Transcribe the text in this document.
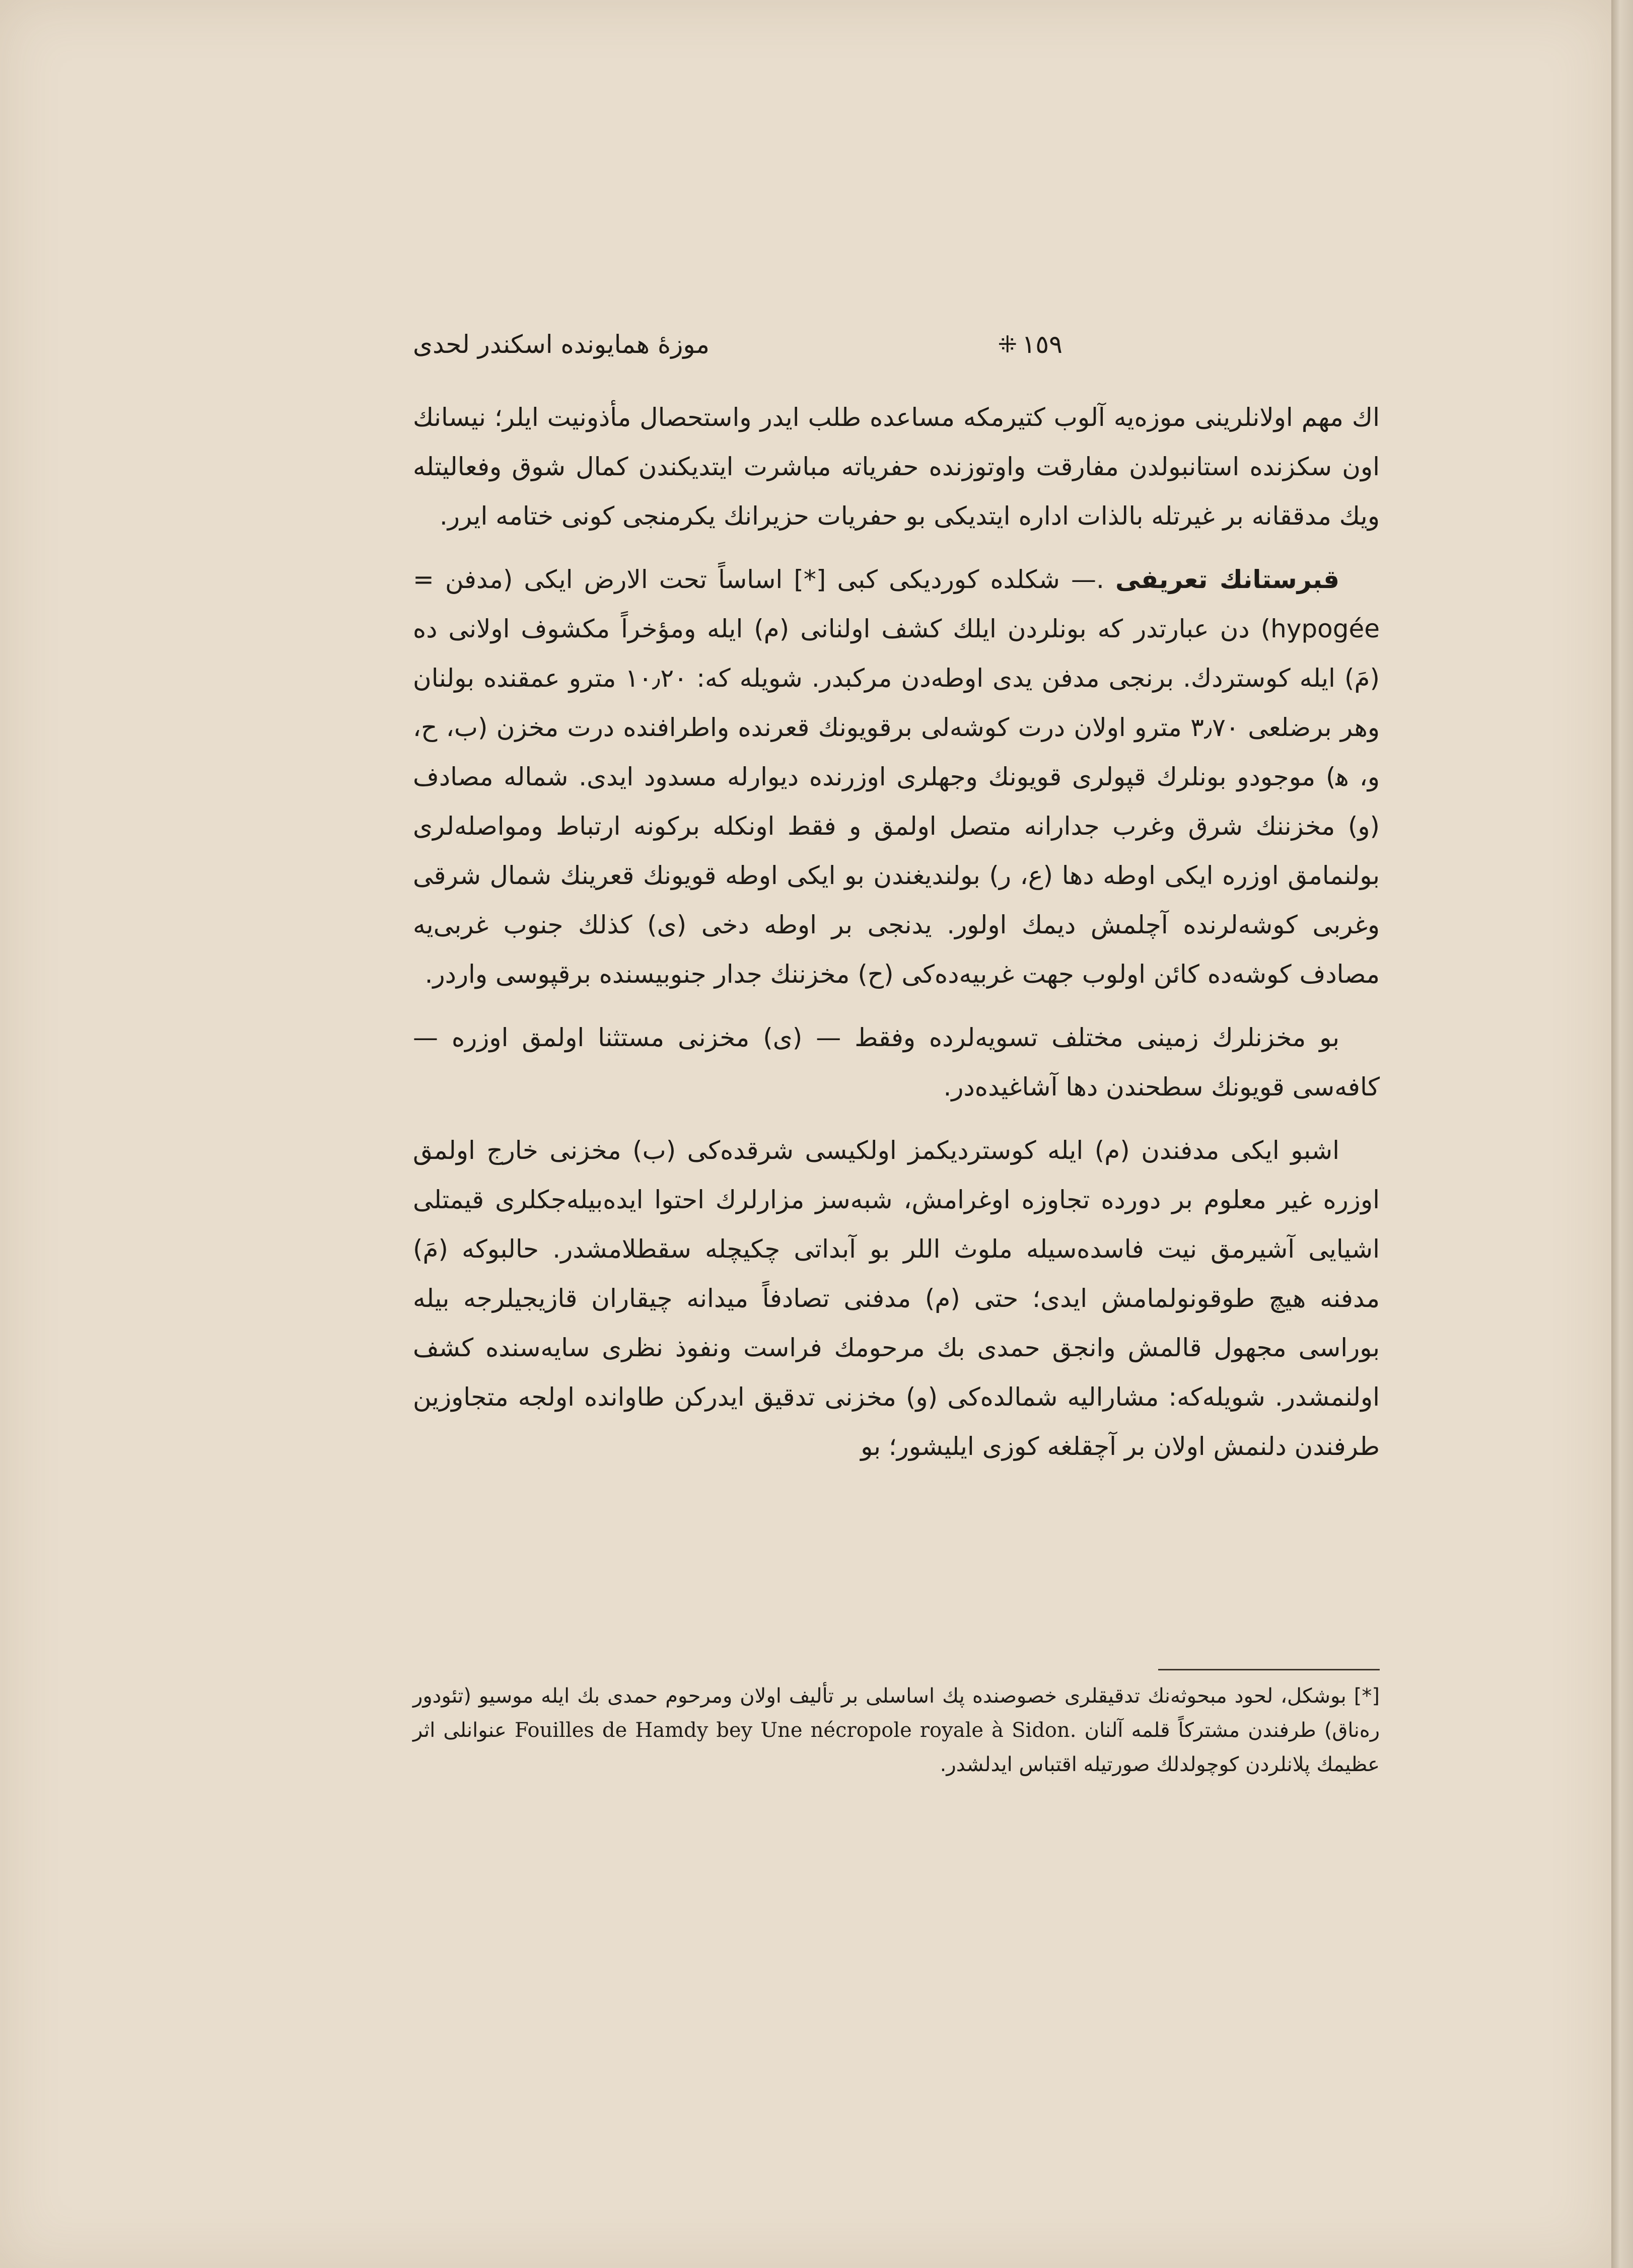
١٥٩
⁜
موزهٔ همایونده اسکندر لحدی

اك مهم اولانلرینی موزه‌یه آلوب کتیرمکه مساعده طلب ایدر واستحصال مأذونیت ایلر؛ نیسانك اون سکزنده استانبولدن مفارقت واوتوزنده حفریاته مباشرت ایتدیکندن کمال شوق وفعالیتله ویك مدققانه بر غیرتله بالذات اداره ایتدیکی بو حفریات حزیرانك یکرمنجی کونی ختامه ایرر.

قبرستانك تعریفی .— شکلده کوردیکی کبی [*] اساساً تحت الارض ایکی (مدفن = hypogée) دن عبارتدر که بونلردن ایلك کشف اولنانی (م) ایله ومؤخراً مکشوف اولانی ده (مَ) ایله کوستردك. برنجی مدفن یدی اوطه‌دن مرکبدر. شویله که: ۱۰٫۲۰ مترو عمقنده بولنان وهر برضلعی ۳٫۷۰ مترو اولان درت کوشه‌لی برقویونك قعرنده واطرافنده درت مخزن (ب، ح، و، ﻫ) موجودو بونلرك قپولری قویونك وجهلری اوزرنده دیوارله مسدود ایدی. شماله مصادف (و) مخزننك شرق وغرب جدارانه متصل اولمق و فقط اونکله برکونه ارتباط ومواصله‌لری بولنمامق اوزره ایکی اوطه دها (ع، ر) بولندیغندن بو ایکی اوطه قویونك قعرینك شمال شرقی وغربی کوشه‌لرنده آچلمش دیمك اولور. یدنجی بر اوطه دخی (ی) کذلك جنوب غربی‌یه مصادف کوشه‌ده کائن اولوب جهت غربیه‌ده‌کی (ح) مخزننك جدار جنوبیسنده برقپوسی واردر.

بو مخزنلرك زمینی مختلف تسویه‌لرده وفقط — (ی) مخزنی مستثنا اولمق اوزره — کافه‌سی قویونك سطحندن دها آشاغیده‌در.

اشبو ایکی مدفندن (م) ایله کوستردیکمز اولکیسی شرقده‌کی (ب) مخزنی خارج اولمق اوزره غیر معلوم بر دورده تجاوزه اوغرامش، شبه‌سز مزارلرك احتوا ایده‌بیله‌جکلری قیمتلی اشیایی آشیرمق نیت فاسده‌سیله ملوث اللر بو آبداتی چکیچله سقطلامشدر. حالبوکه (مَ) مدفنه هیچ طوقونولمامش ایدی؛ حتی (م) مدفنی تصادفاً میدانه چیقاران قازیجیلرجه بیله بوراسی مجهول قالمش وانجق حمدی بك مرحومك فراست ونفوذ نظری سایه‌سنده کشف اولنمشدر. شویله‌که: مشارالیه شمالده‌کی (و) مخزنی تدقیق ایدرکن طاوانده اولجه متجاوزین طرفندن دلنمش اولان بر آچقلغه کوزی ایلیشور؛ بو

[*] بوشکل، لحود مبحوثه‌نك تدقیقلری خصوصنده پك اساسلی بر تألیف اولان ومرحوم حمدی بك ایله موسیو (تئودور ره‌ناق) طرفندن مشترکاً قلمه آلنان Une nécropole royale à Sidon. Fouilles de Hamdy bey عنوانلی اثر عظیمك پلانلردن کوچولدلك صورتیله اقتباس ایدلشدر.
